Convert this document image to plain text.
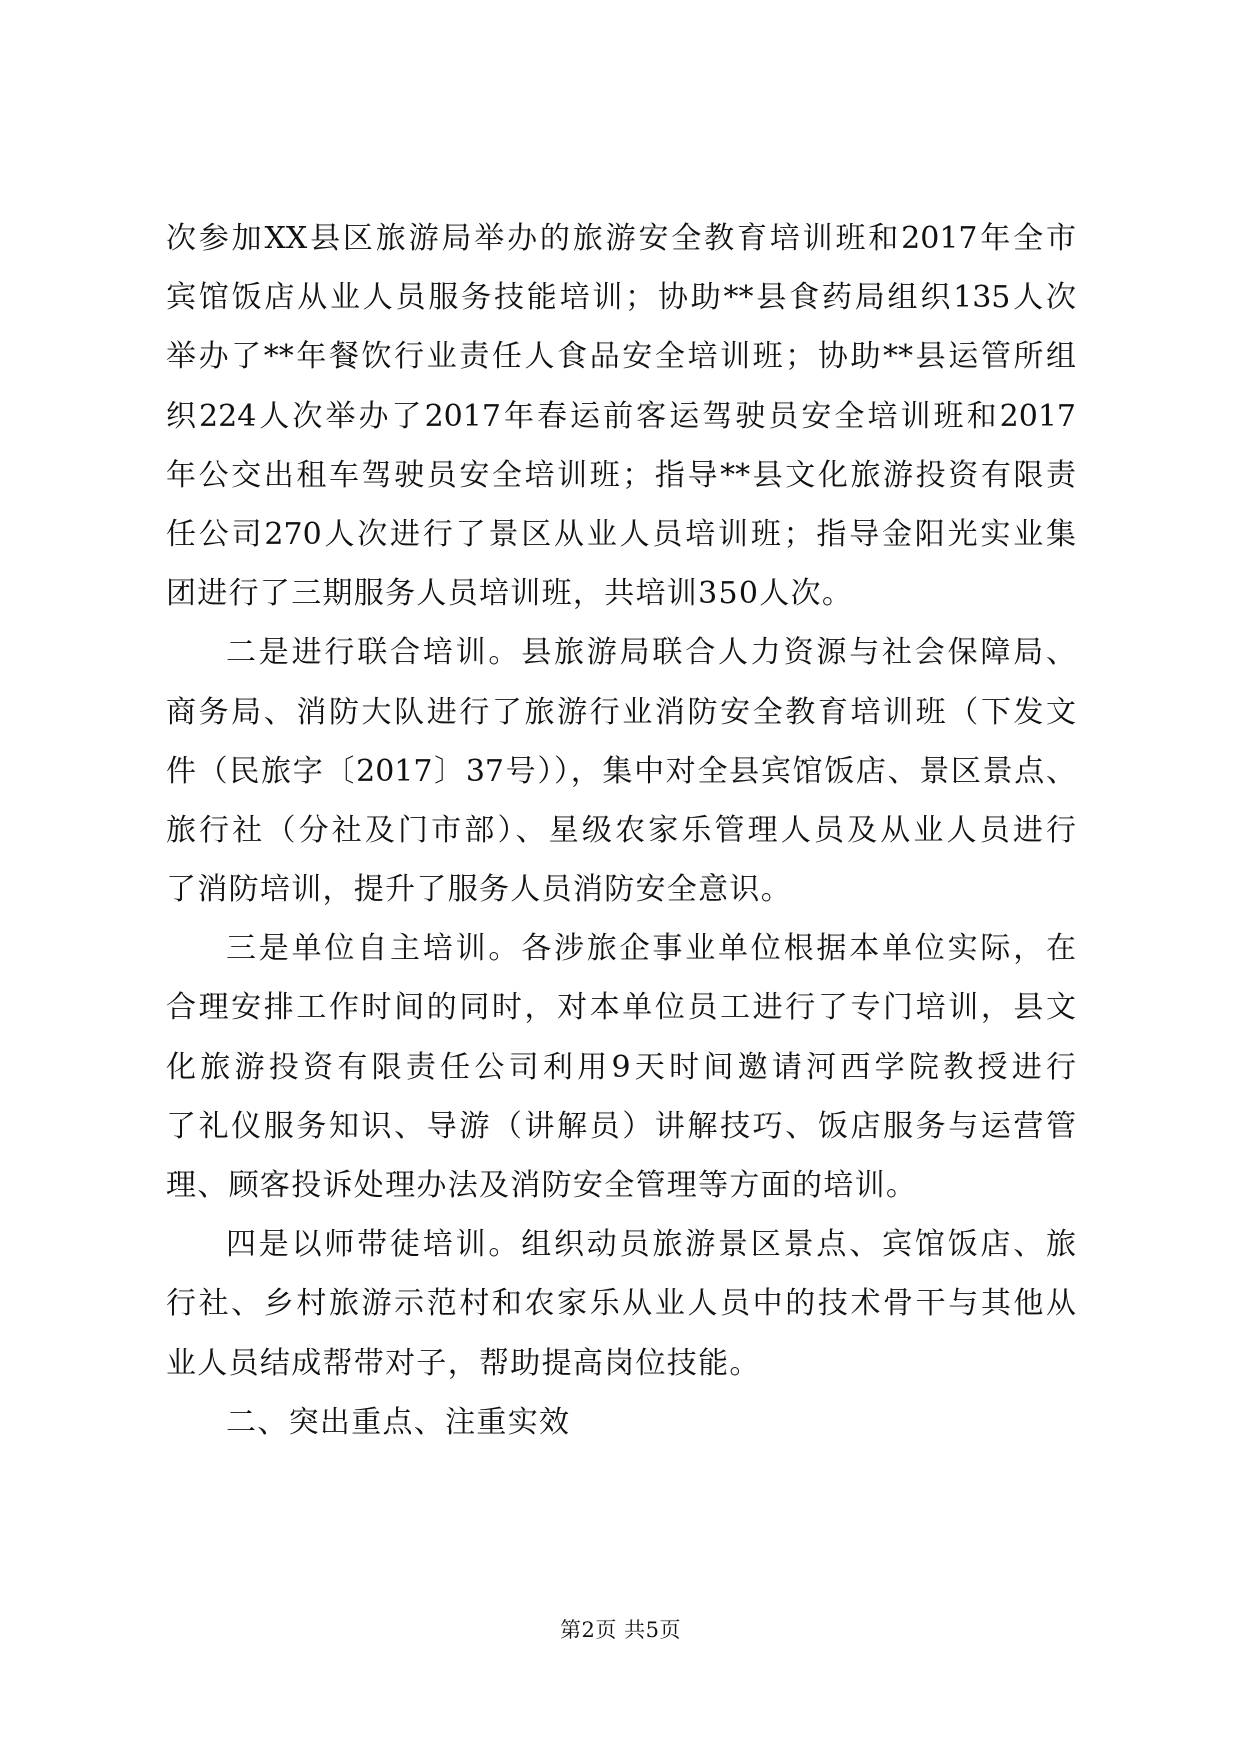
次参加XX县区旅游局举办的旅游安全教育培训班和2017年全市
宾馆饭店从业人员服务技能培训；协助**县食药局组织135人次
举办了**年餐饮行业责任人食品安全培训班；协助**县运管所组
织224人次举办了2017年春运前客运驾驶员安全培训班和2017
年公交出租车驾驶员安全培训班；指导**县文化旅游投资有限责
任公司270人次进行了景区从业人员培训班；指导金阳光实业集
团进行了三期服务人员培训班，共培训350人次。
二是进行联合培训。县旅游局联合人力资源与社会保障局、
商务局、消防大队进行了旅游行业消防安全教育培训班（下发文
件（民旅字〔2017〕37号）），集中对全县宾馆饭店、景区景点、
旅行社（分社及门市部）、星级农家乐管理人员及从业人员进行
了消防培训，提升了服务人员消防安全意识。
三是单位自主培训。各涉旅企事业单位根据本单位实际，在
合理安排工作时间的同时，对本单位员工进行了专门培训，县文
化旅游投资有限责任公司利用9天时间邀请河西学院教授进行
了礼仪服务知识、导游（讲解员）讲解技巧、饭店服务与运营管
理、顾客投诉处理办法及消防安全管理等方面的培训。
四是以师带徒培训。组织动员旅游景区景点、宾馆饭店、旅
行社、乡村旅游示范村和农家乐从业人员中的技术骨干与其他从
业人员结成帮带对子，帮助提高岗位技能。
二、突出重点、注重实效
第2页 共5页
